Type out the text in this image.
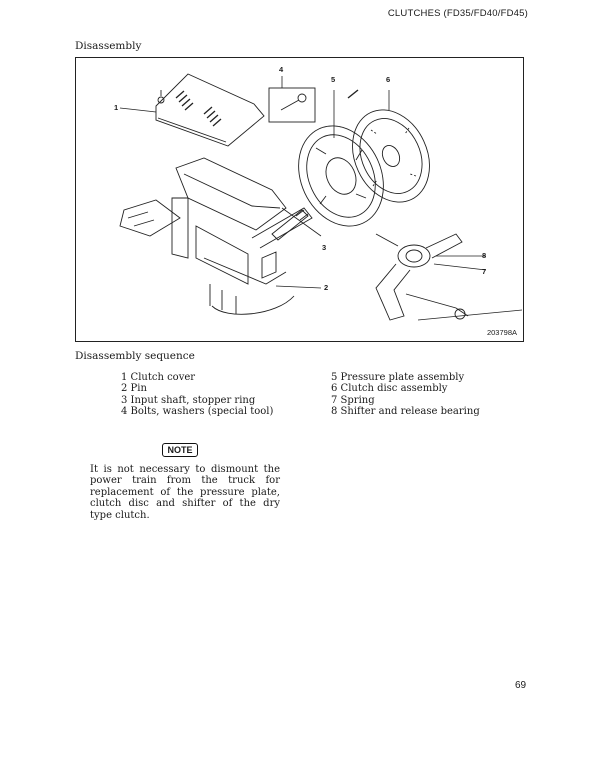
CLUTCHES (FD35/FD40/FD45)
Disassembly
1
2
3
4
5	6
7
8
203798A
Disassembly sequence
1 Clutch cover
2 Pin
3 Input shaft, stopper ring
4 Bolts, washers (special tool)
5 Pressure plate assembly
6 Clutch disc assembly
7 Spring
8 Shifter and release bearing
NOTE
It is not necessary to dismount the power train from the truck for replacement of the pressure plate, clutch disc and shifter of the dry type clutch.
69
